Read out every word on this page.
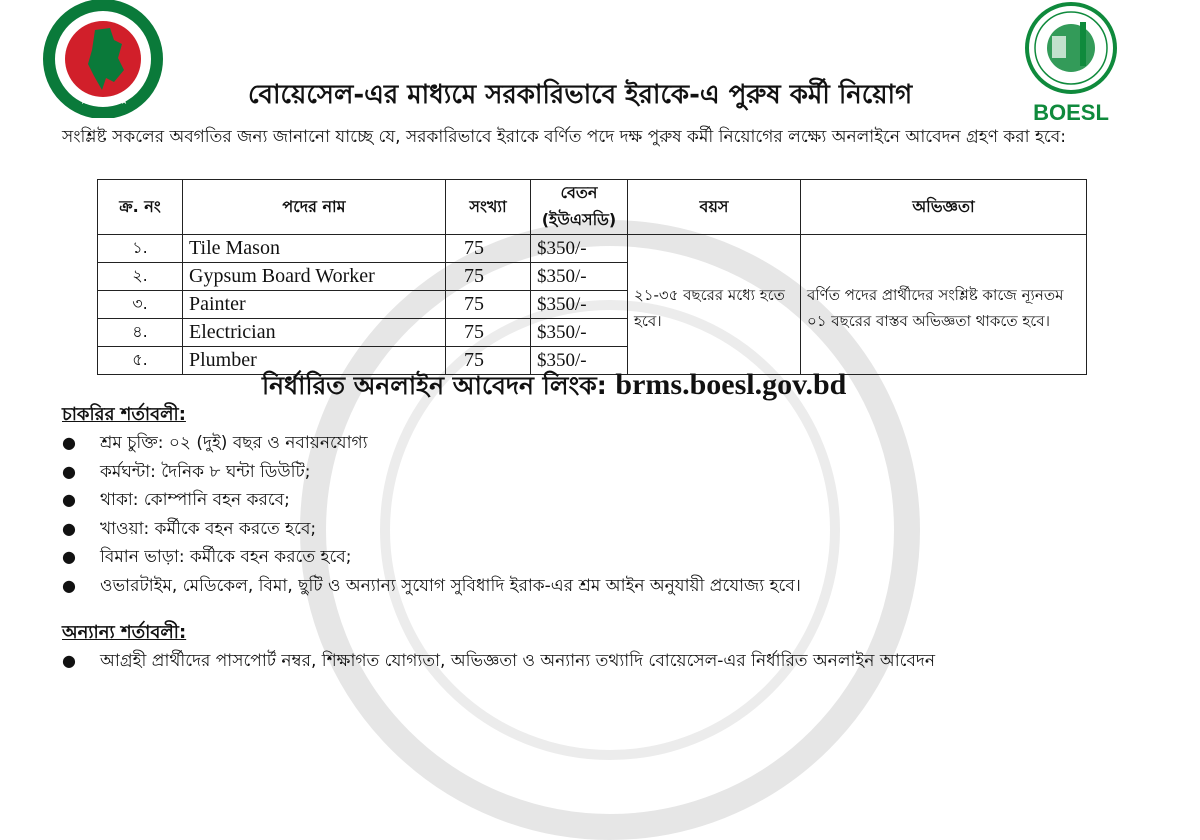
★	★	BOESL
বোয়েসেল-এর মাধ্যমে সরকারিভাবে ইরাকে-এ পুরুষ কর্মী নিয়োগ
সংশ্লিষ্ট সকলের অবগতির জন্য জানানো যাচ্ছে যে, সরকারিভাবে ইরাকে বর্ণিত পদে দক্ষ পুরুষ কর্মী নিয়োগের লক্ষ্যে অনলাইনে আবেদন গ্রহণ করা হবে:
ক্র. নং	পদের নাম	সংখ্যা	বেতন (ইউএসডি)	বয়স	অভিজ্ঞতা
১.	Tile Mason	75	$350/-	২১-৩৫ বছরের মধ্যে হতে হবে।	বর্ণিত পদের প্রার্থীদের সংশ্লিষ্ট কাজে ন্যূনতম ০১ বছরের বাস্তব অভিজ্ঞতা থাকতে হবে।
২.	Gypsum Board Worker	75	$350/-		
৩.	Painter	75	$350/-		
৪.	Electrician	75	$350/-		
৫.	Plumber	75	$350/-		
নির্ধারিত অনলাইন আবেদন লিংক: brms.boesl.gov.bd
চাকরির শর্তাবলী:
● শ্রম চুক্তি: ০২ (দুই) বছর ও নবায়নযোগ্য
● কর্মঘন্টা: দৈনিক ৮ ঘন্টা ডিউটি;
● থাকা: কোম্পানি বহন করবে;
● খাওয়া: কর্মীকে বহন করতে হবে;
● বিমান ভাড়া: কর্মীকে বহন করতে হবে;
● ওভারটাইম, মেডিকেল, বিমা, ছুটি ও অন্যান্য সুযোগ সুবিধাদি ইরাক-এর শ্রম আইন অনুযায়ী প্রযোজ্য হবে।
অন্যান্য শর্তাবলী:
● আগ্রহী প্রার্থীদের পাসপোর্ট নম্বর, শিক্ষাগত যোগ্যতা, অভিজ্ঞতা ও অন্যান্য তথ্যাদি বোয়েসেল-এর নির্ধারিত অনলাইন আবেদন
